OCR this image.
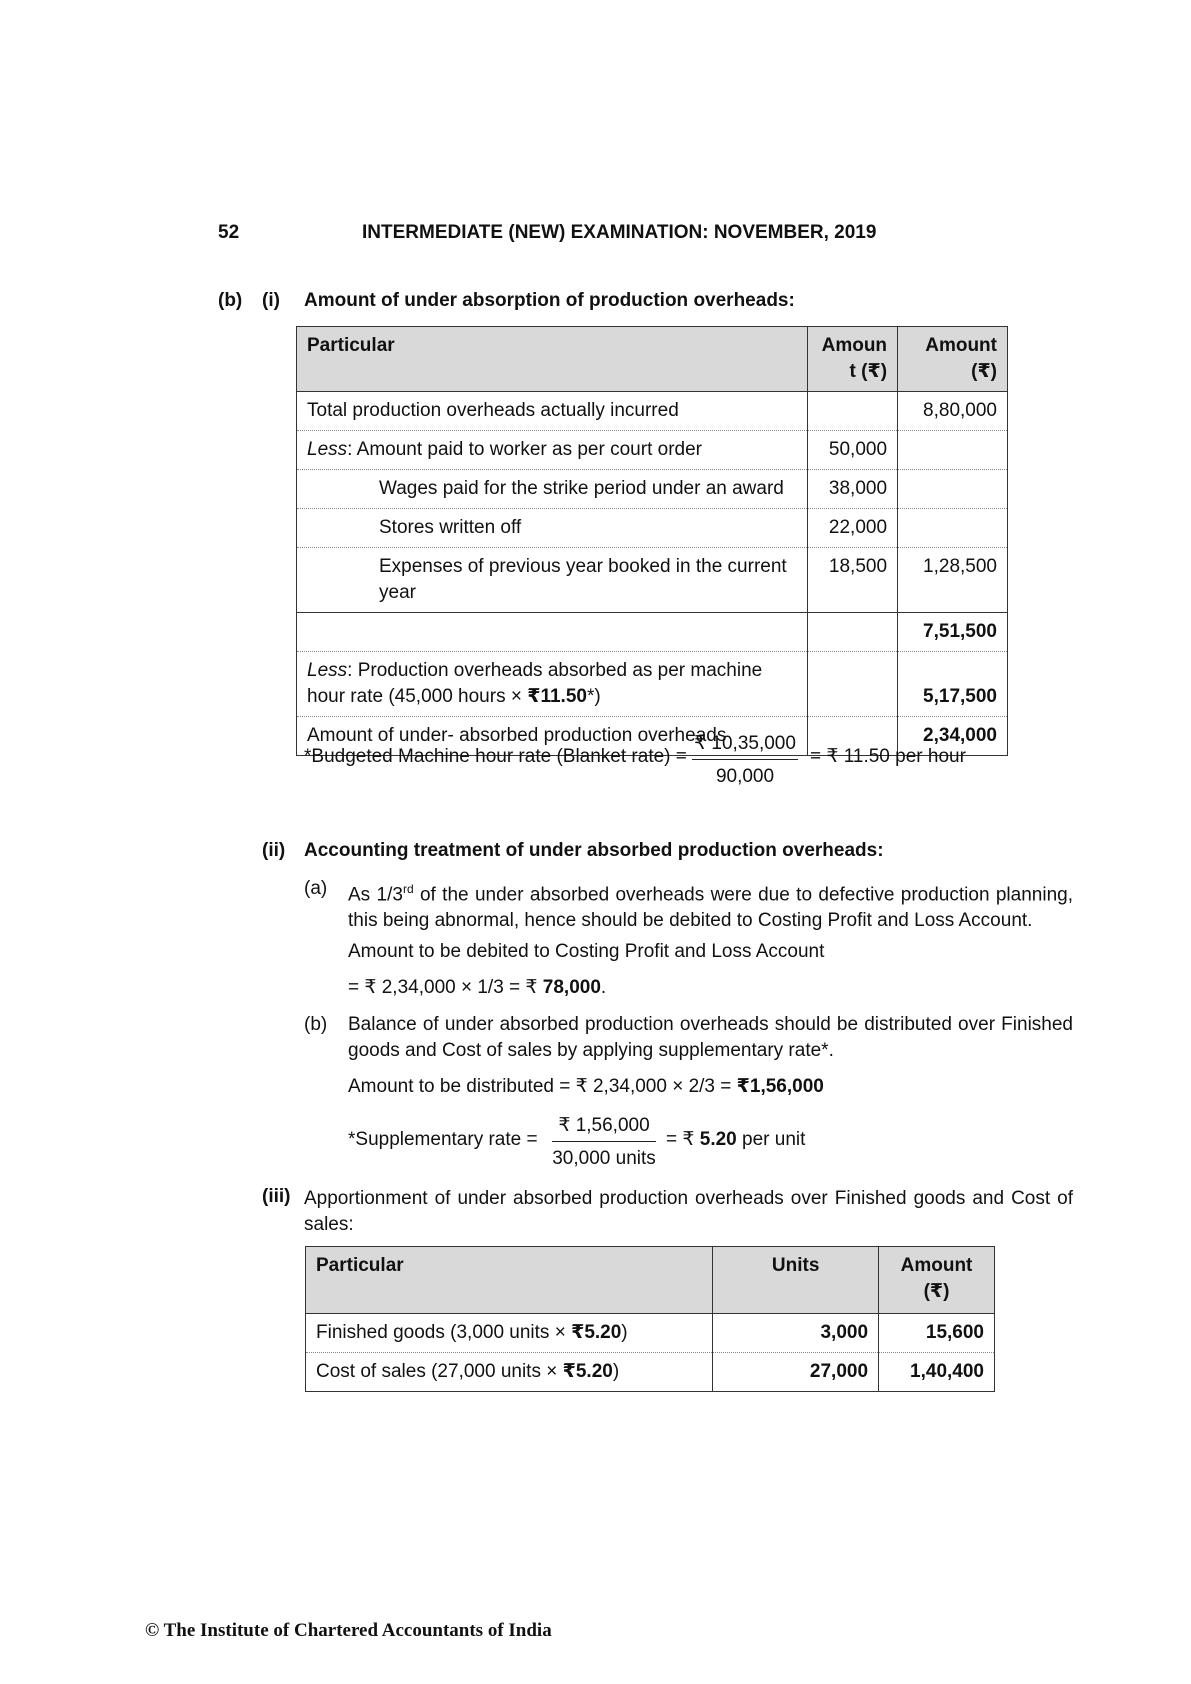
52	INTERMEDIATE (NEW) EXAMINATION: NOVEMBER, 2019
(b) (i) Amount of under absorption of production overheads:
Particular	Amoun t (₹)	Amount (₹)
Total production overheads actually incurred		8,80,000
Less: Amount paid to worker as per court order	50,000	
Wages paid for the strike period under an award	38,000	
Stores written off	22,000	
Expenses of previous year booked in the current year	18,500	1,28,500
		7,51,500
Less: Production overheads absorbed as per machine hour rate (45,000 hours × ₹11.50*)		5,17,500
Amount of under- absorbed production overheads		2,34,000
*Budgeted Machine hour rate (Blanket rate) = $\frac{₹ 10,35,000}{90,000}$ = ₹ 11.50 per hour
(ii) Accounting treatment of under absorbed production overheads:
(a) As 1/3rd of the under absorbed overheads were due to defective production planning, this being abnormal, hence should be debited to Costing Profit and Loss Account.
Amount to be debited to Costing Profit and Loss Account
= ₹ 2,34,000 × 1/3 = ₹ 78,000.
(b) Balance of under absorbed production overheads should be distributed over Finished goods and Cost of sales by applying supplementary rate*.
Amount to be distributed = ₹ 2,34,000 × 2/3 = ₹1,56,000
*Supplementary rate =
₹ 1,56,000
30,000 units
= ₹ 5.20 per unit
(iii) Apportionment of under absorbed production overheads over Finished goods and Cost of sales:
Particular	Units	Amount (₹)
Finished goods (3,000 units × ₹5.20)	3,000	15,600
Cost of sales (27,000 units × ₹5.20)	27,000	1,40,400
© The Institute of Chartered Accountants of India
